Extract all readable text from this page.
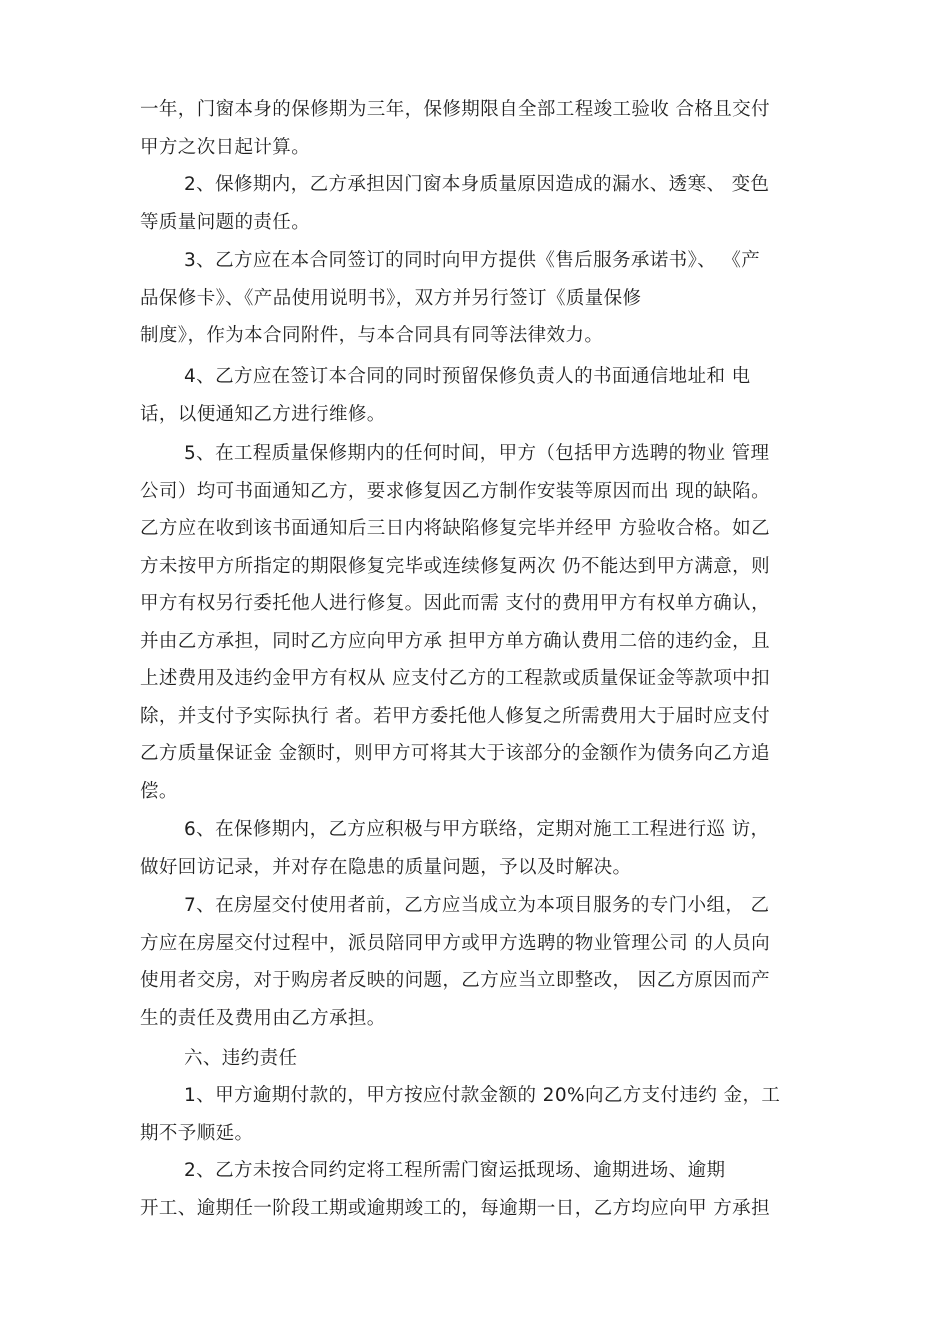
一年，门窗本身的保修期为三年，保修期限自全部工程竣工验收 合格且交付
甲方之次日起计算。

2、保修期内，乙方承担因门窗本身质量原因造成的漏水、透寒、 变色
等质量问题的责任。

3、乙方应在本合同签订的同时向甲方提供《售后服务承诺书》、 《产
品保修卡》、《产品使用说明书》，双方并另行签订《质量保修
制度》，作为本合同附件，与本合同具有同等法律效力。

4、乙方应在签订本合同的同时预留保修负责人的书面通信地址和 电
话，以便通知乙方进行维修。

5、在工程质量保修期内的任何时间，甲方（包括甲方选聘的物业 管理
公司）均可书面通知乙方，要求修复因乙方制作安装等原因而出 现的缺陷。
乙方应在收到该书面通知后三日内将缺陷修复完毕并经甲 方验收合格。如乙
方未按甲方所指定的期限修复完毕或连续修复两次 仍不能达到甲方满意，则
甲方有权另行委托他人进行修复。因此而需 支付的费用甲方有权单方确认，
并由乙方承担，同时乙方应向甲方承 担甲方单方确认费用二倍的违约金，且
上述费用及违约金甲方有权从 应支付乙方的工程款或质量保证金等款项中扣
除，并支付予实际执行 者。若甲方委托他人修复之所需费用大于届时应支付
乙方质量保证金 金额时，则甲方可将其大于该部分的金额作为债务向乙方追
偿。

6、在保修期内，乙方应积极与甲方联络，定期对施工工程进行巡 访，
做好回访记录，并对存在隐患的质量问题，予以及时解决。

7、在房屋交付使用者前，乙方应当成立为本项目服务的专门小组， 乙
方应在房屋交付过程中，派员陪同甲方或甲方选聘的物业管理公司 的人员向
使用者交房，对于购房者反映的问题，乙方应当立即整改， 因乙方原因而产
生的责任及费用由乙方承担。

六、违约责任

1、甲方逾期付款的，甲方按应付款金额的 20%向乙方支付违约 金，工
期不予顺延。

2、乙方未按合同约定将工程所需门窗运抵现场、逾期进场、逾期
开工、逾期任一阶段工期或逾期竣工的，每逾期一日，乙方均应向甲 方承担
